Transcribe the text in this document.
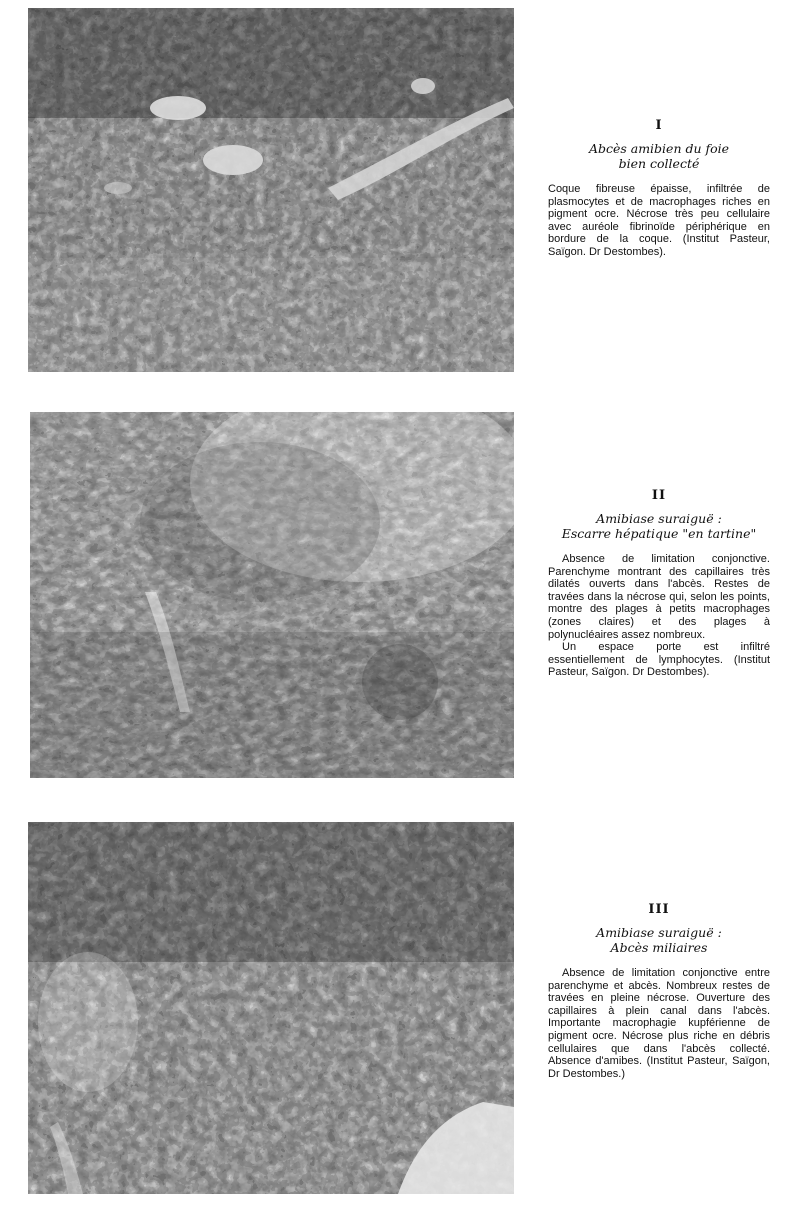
I
Abcès amibien du foie
bien collecté

Coque fibreuse épaisse, infiltrée de plasmocytes et de macrophages riches en pigment ocre. Nécrose très peu cellulaire avec auréole fibrinoïde périphérique en bordure de la coque. (Institut Pasteur, Saïgon. Dr Destombes).

II
Amibiase suraiguë :
Escarre hépatique "en tartine"

Absence de limitation conjonctive. Parenchyme montrant des capillaires très dilatés ouverts dans l'abcès. Restes de travées dans la nécrose qui, selon les points, montre des plages à petits macrophages (zones claires) et des plages à polynucléaires assez nombreux.

Un espace porte est infiltré essentiellement de lymphocytes. (Institut Pasteur, Saïgon. Dr Destombes).

III
Amibiase suraiguë :
Abcès miliaires

Absence de limitation conjonctive entre parenchyme et abcès. Nombreux restes de travées en pleine nécrose. Ouverture des capillaires à plein canal dans l'abcès. Importante macrophagie kupférienne de pigment ocre. Nécrose plus riche en débris cellulaires que dans l'abcès collecté. Absence d'amibes. (Institut Pasteur, Saïgon, Dr Destombes.)
